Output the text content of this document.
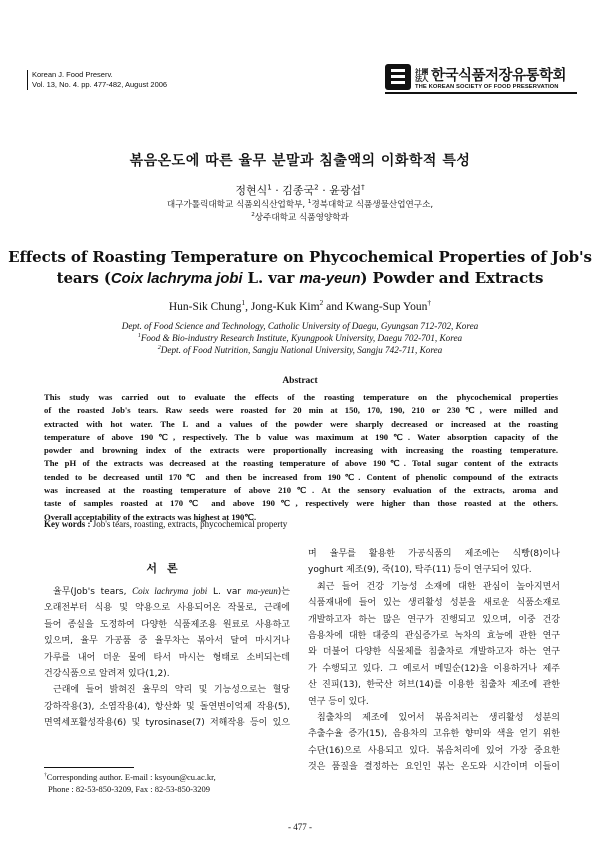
Korean J. Food Preserv.
Vol. 13, No. 4. pp. 477-482, August 2006
社團法人 한국식품저장유통학회
THE KOREAN SOCIETY OF FOOD PRESERVATION
볶음온도에 따른 율무 분말과 침출액의 이화학적 특성
정현식$^1$ · 김종국$^2$ · 윤광섭†
대구가톨릭대학교 식품외식산업학부, $^1$경북대학교 식품생물산업연구소,
$^2$상주대학교 식품영양학과
Effects of Roasting Temperature on Phycochemical Properties of Job's
tears (Coix lachryma jobi L. var ma-yeun) Powder and Extracts
Hun-Sik Chung$^1$, Jong-Kuk Kim$^2$ and Kwang-Sup Youn†
Dept. of Food Science and Technology, Catholic University of Daegu, Gyungsan 712-702, Korea
$^1$Food & Bio-industry Research Institute, Kyungpook University, Daegu 702-701, Korea
$^2$Dept. of Food Nutrition, Sangju National University, Sangju 742-711, Korea
Abstract
This study was carried out to evaluate the effects of the roasting temperature on the phycochemical properties
of the roasted Job's tears. Raw seeds were roasted for 20 min at 150, 170, 190, 210 or 230℃, were milled and
extracted with hot water. The L and a values of the powder were sharply decreased or increased at the roasting
temperature of above 190℃, respectively. The b value was maximum at 190℃. Water absorption capacity of the
powder and browning index of the extracts were proportionally increasing with increasing the roasting temperature.
The pH of the extracts was decreased at the roasting temperature of above 190℃. Total sugar content of the extracts
tended to be decreased until 170℃ and then be increased from 190℃. Content of phenolic compound of the extracts
was increased at the roasting temperature of above 210℃. At the sensory evaluation of the extracts, aroma and
taste of samples roasted at 170℃ and above 190℃, respectively were higher than those roasted at the others.
Overall acceptability of the extracts was highest at 190℃.
Key words : Job's tears, roasting, extracts, phycochemical property
서론
율무(Job's tears, Coix lachryma jobi L. var ma-yeun)는
오래전부터 식용 및 약용으로 사용되어온 작물로, 근래에
들어 종실을 도정하여 다양한 식품제조용 원료로 사용하고
있으며, 율무 가공품 중 율무차는 볶아서 달여 마시거나
가루를 내어 더운 물에 타서 마시는 형태로 소비되는데
건강식품으로 알려져 있다(1,2).
근래에 들어 밝혀진 율무의 약리 및 기능성으로는 혈당
강하작용(3), 소염작용(4), 항산화 및 돌연변이억제 작용(5),
면역세포활성작용(6) 및 tyrosinase(7) 저해작용 등이 있으
며 율무를 활용한 가공식품의 제조에는 식빵(8)이나
yoghurt 제조(9), 죽(10), 탁주(11) 등이 연구되어 있다.
최근 들어 건강 기능성 소재에 대한 관심이 높아지면서
식품재내에 들어 있는 생리활성 성분을 새로운 식품소재로
개발하고자 하는 많은 연구가 진행되고 있으며, 이중 건강
음용차에 대한 대중의 관심증가로 녹차의 효능에 관한 연구
와 더불어 다양한 식물체를 침출차로 개발하고자 하는 연구
가 수행되고 있다. 그 예로서 메밀순(12)을 이용하거나 제주
산 진피(13), 한국산 허브(14)를 이용한 침출차 제조에 관한
연구 등이 있다.
침출차의 제조에 있어서 볶음처리는 생리활성 성분의
추출수율 증가(15), 음용차의 고유한 향미와 색을 얻기 위한
수단(16)으로 사용되고 있다. 볶음처리에 있어 가장 중요한
것은 품질을 결정하는 요인인 볶는 온도와 시간이며 이들이
†Corresponding author. E-mail : ksyoun@cu.ac.kr,
Phone : 82-53-850-3209, Fax : 82-53-850-3209
- 477 -
